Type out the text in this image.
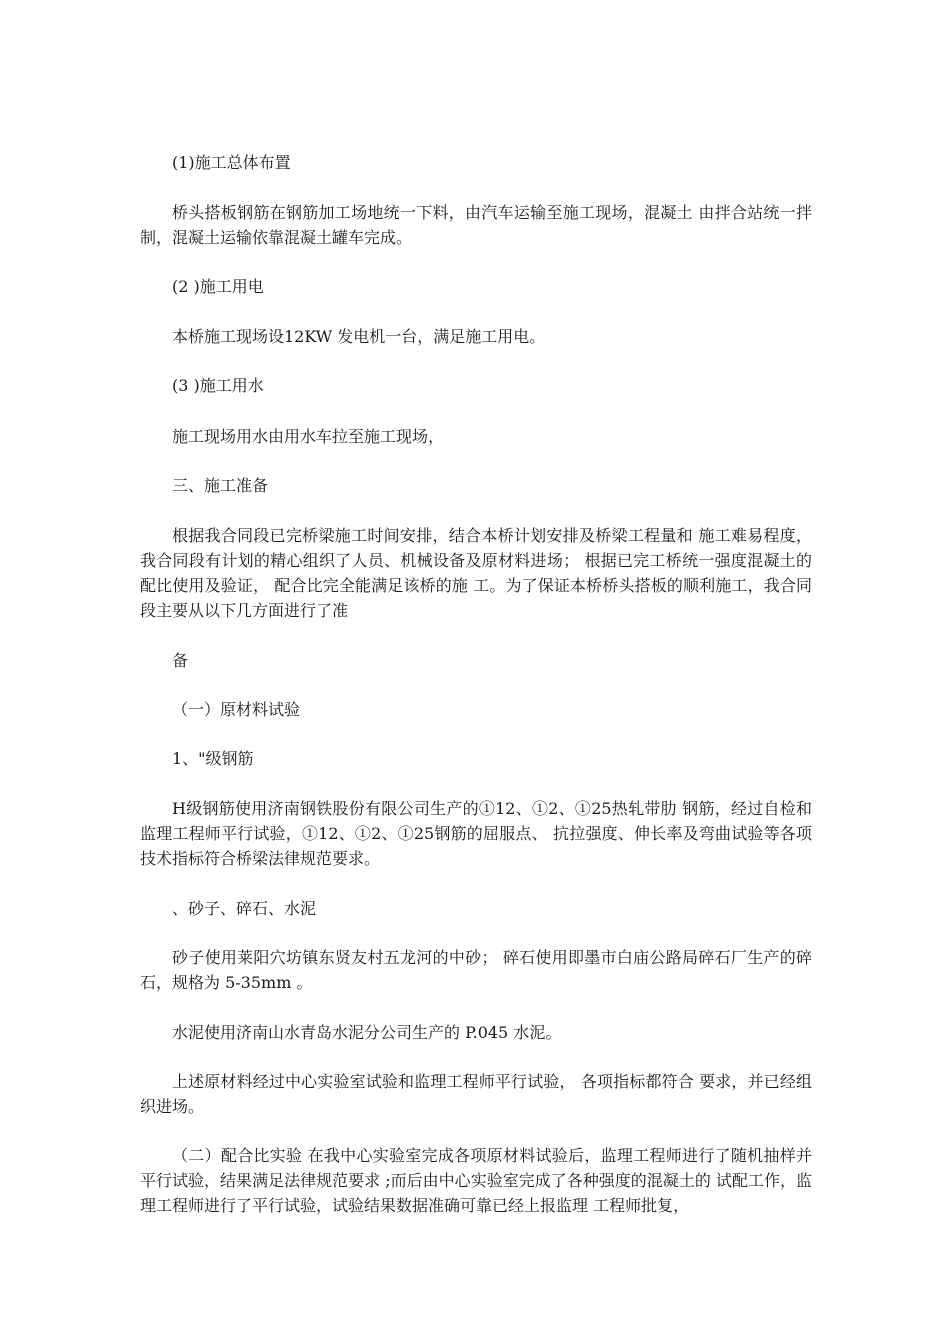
(1)施工总体布置

桥头搭板钢筋在钢筋加工场地统一下料，由汽车运输至施工现场，混凝土 由拌合站统一拌制，混凝土运输依靠混凝土罐车完成。

(2 )施工用电

本桥施工现场设12KW 发电机一台，满足施工用电。

(3 )施工用水

施工现场用水由用水车拉至施工现场，

三、施工准备

根据我合同段已完桥梁施工时间安排，结合本桥计划安排及桥梁工程量和 施工难易程度，我合同段有计划的精心组织了人员、机械设备及原材料进场； 根据已完工桥统一强度混凝土的配比使用及验证， 配合比完全能满足该桥的施 工。为了保证本桥桥头搭板的顺利施工，我合同段主要从以下几方面进行了准

备

（一）原材料试验

1、"级钢筋

H级钢筋使用济南钢铁股份有限公司生产的①12、①2、①25热轧带肋 钢筋，经过自检和监理工程师平行试验，①12、①2、①25钢筋的屈服点、 抗拉强度、伸长率及弯曲试验等各项技术指标符合桥梁法律规范要求。

、砂子、碎石、水泥

砂子使用莱阳穴坊镇东贤友村五龙河的中砂； 碎石使用即墨市白庙公路局碎石厂生产的碎石，规格为 5-35mm 。

水泥使用济南山水青岛水泥分公司生产的 P.045 水泥。

上述原材料经过中心实验室试验和监理工程师平行试验， 各项指标都符合 要求，并已经组织进场。

（二）配合比实验 在我中心实验室完成各项原材料试验后，监理工程师进行了随机抽样并 平行试验，结果满足法律规范要求 ;而后由中心实验室完成了各种强度的混凝土的 试配工作，监理工程师进行了平行试验，试验结果数据准确可靠已经上报监理 工程师批复，
